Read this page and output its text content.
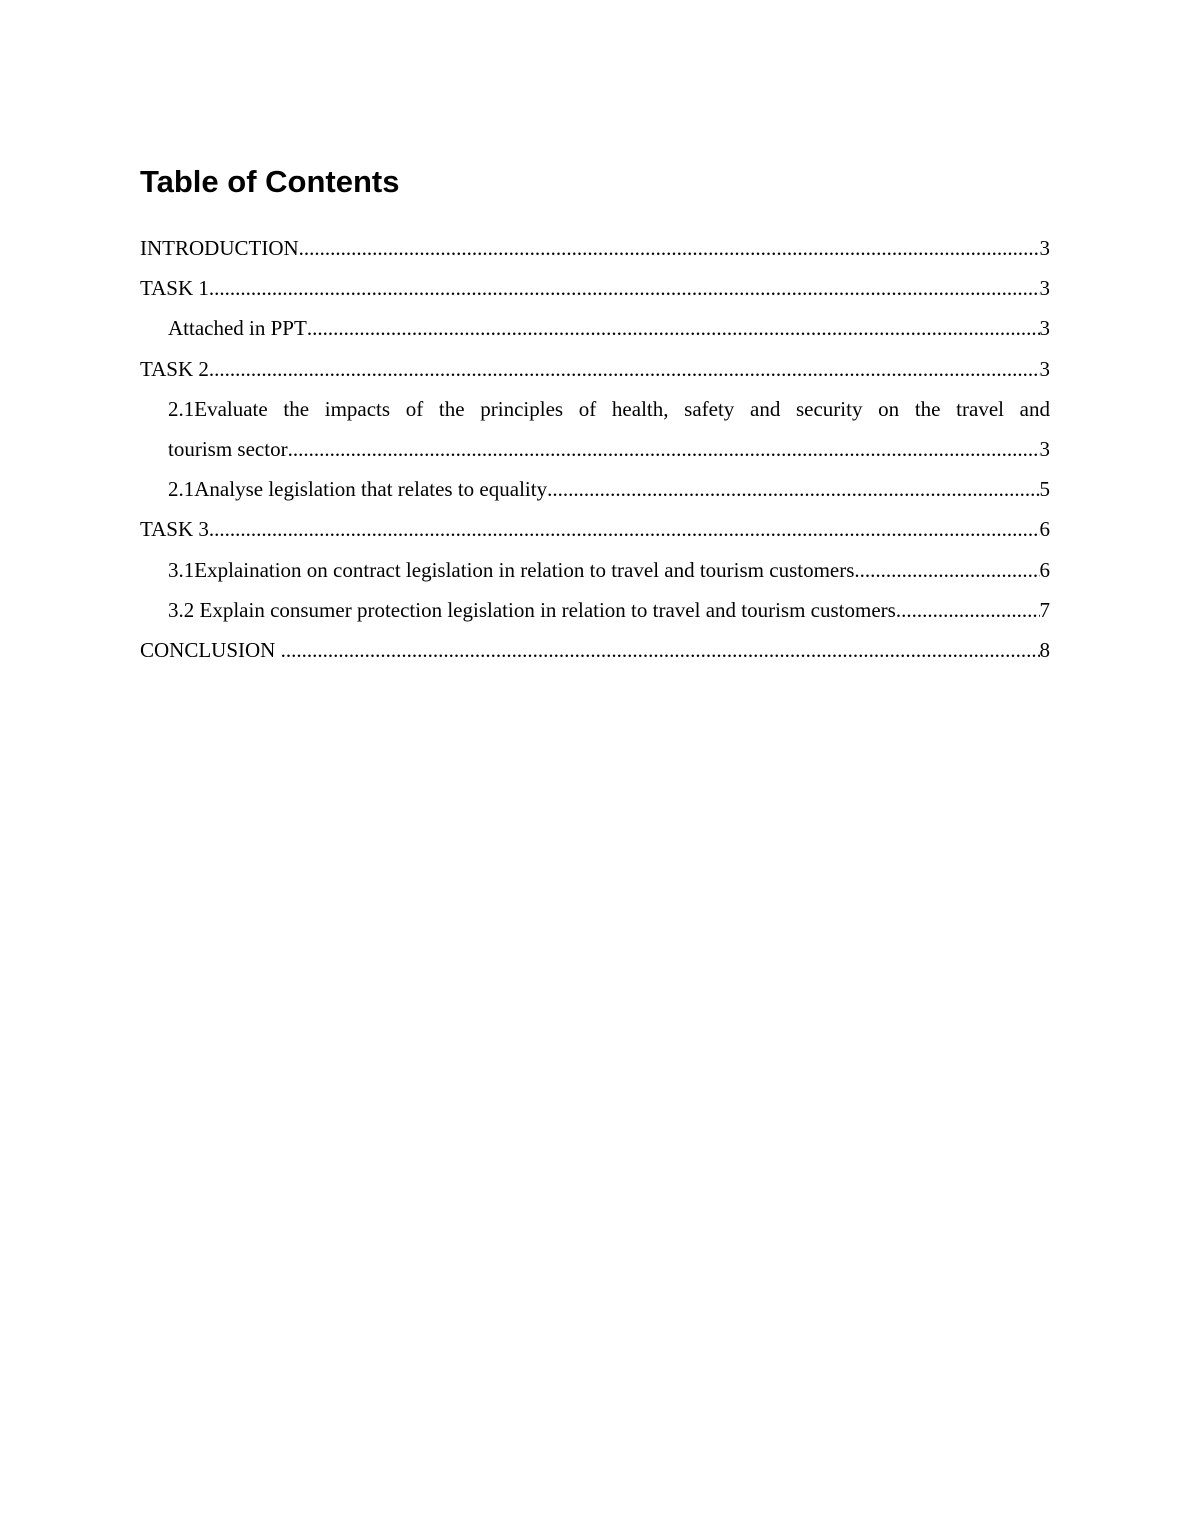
Table of Contents
INTRODUCTION .....	3
TASK 1 .....	3
Attached in PPT .....	3
TASK 2 .....	3
2.1Evaluate the impacts of the principles of health, safety and security on the travel and
tourism sector .....	3
2.1Analyse legislation that relates to equality .....	5
TASK 3 .....	6
3.1Explaination on contract legislation in relation to travel and tourism customers .....	6
3.2 Explain consumer protection legislation in relation to travel and tourism customers .....	7
CONCLUSION .....	8
